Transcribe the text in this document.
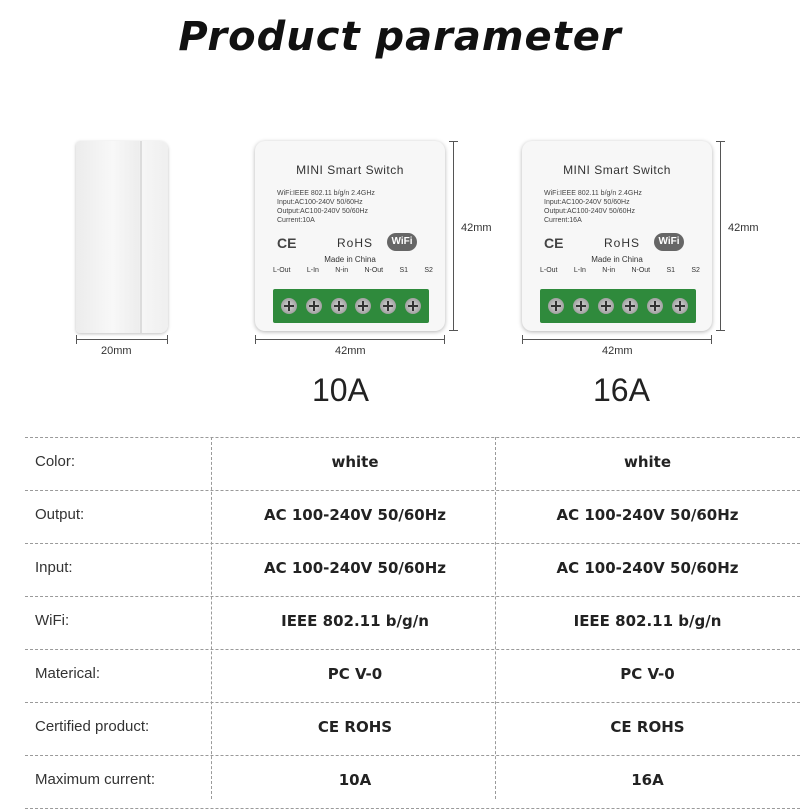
Product parameter
20mm
MINI Smart Switch
WiFi:IEEE 802.11 b/g/n 2.4GHz
Input:AC100-240V 50/60Hz
Output:AC100-240V 50/60Hz
Current:10A
CE	RoHS	WiFi
Made in China
L-Out L-In N-in N-Out S1 S2
42mm
42mm
10A
MINI Smart Switch
WiFi:IEEE 802.11 b/g/n 2.4GHz
Input:AC100-240V 50/60Hz
Output:AC100-240V 50/60Hz
Current:16A
CE	RoHS	WiFi
Made in China
L-Out L-In N-in N-Out S1 S2
42mm
42mm
16A
Color:	white	white
Output:	AC 100-240V 50/60Hz	AC 100-240V 50/60Hz
Input:	AC 100-240V 50/60Hz	AC 100-240V 50/60Hz
WiFi:	IEEE 802.11 b/g/n	IEEE 802.11 b/g/n
Materical:	PC V-0	PC V-0
Certified product:	CE ROHS	CE ROHS
Maximum current:	10A	16A
